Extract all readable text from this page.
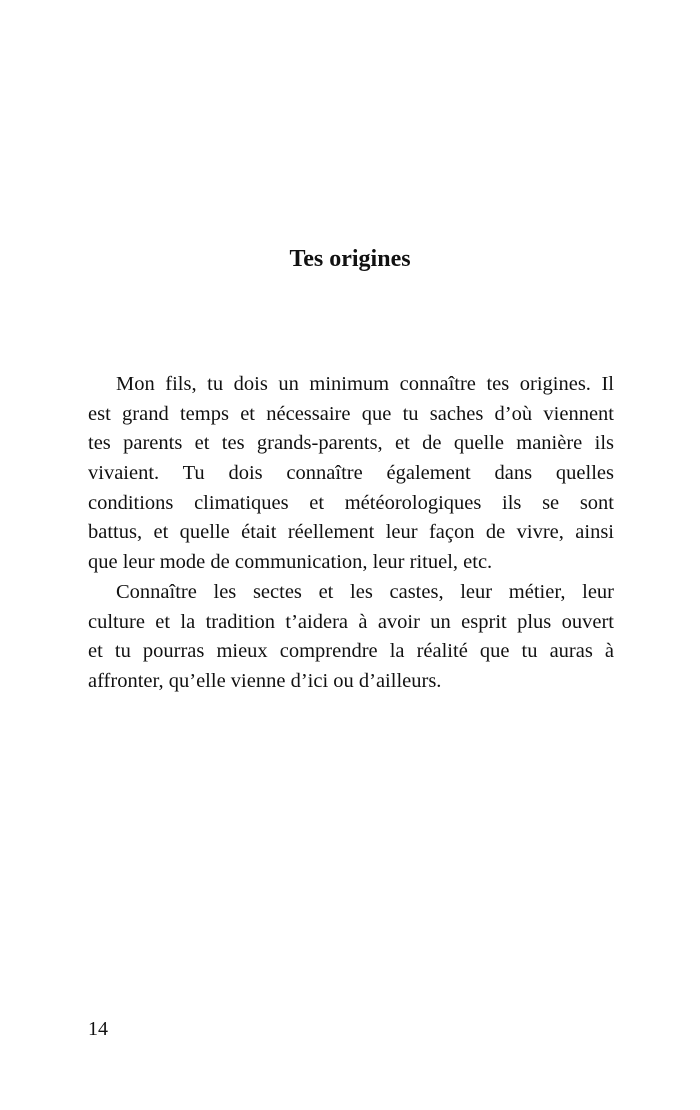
Tes origines
Mon fils, tu dois un minimum connaître tes origines. Il
est grand temps et nécessaire que tu saches d’où viennent
tes parents et tes grands-parents, et de quelle manière ils
vivaient. Tu dois connaître également dans quelles
conditions climatiques et météorologiques ils se sont
battus, et quelle était réellement leur façon de vivre, ainsi
que leur mode de communication, leur rituel, etc.
Connaître les sectes et les castes, leur métier, leur
culture et la tradition t’aidera à avoir un esprit plus ouvert
et tu pourras mieux comprendre la réalité que tu auras à
affronter, qu’elle vienne d’ici ou d’ailleurs.
14
